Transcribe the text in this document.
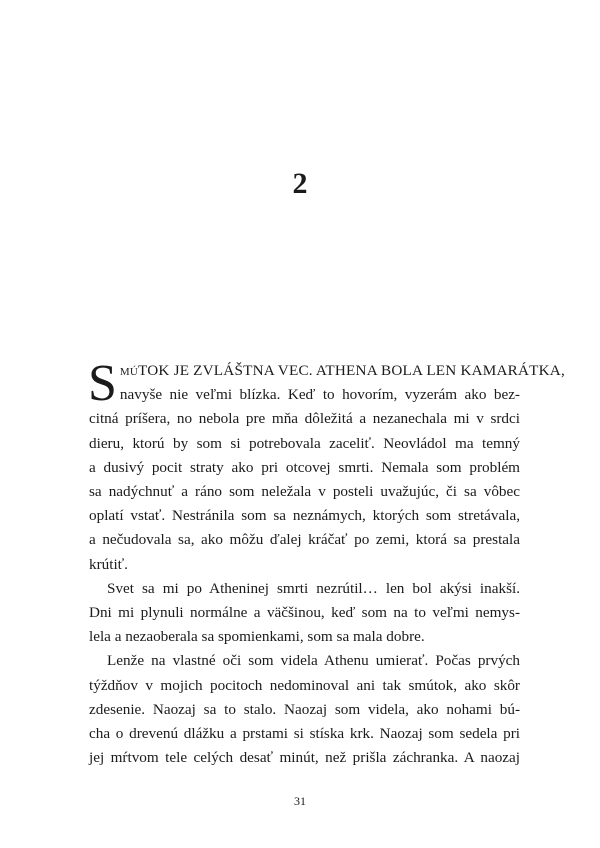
2

S múTOK JE ZVLÁŠTNA VEC. ATHENA BOLA LEN KAMARÁTKA,
navyše nie veľmi blízka. Keď to hovorím, vyzerám ako bez-
citná príšera, no nebola pre mňa dôležitá a nezanechala mi v srdci
dieru, ktorú by som si potrebovala zaceliť. Neovládol ma temný
a dusivý pocit straty ako pri otcovej smrti. Nemala som problém
sa nadýchnuť a ráno som neležala v posteli uvažujúc, či sa vôbec
oplatí vstať. Nestránila som sa neznámych, ktorých som stretávala,
a nečudovala sa, ako môžu ďalej kráčať po zemi, ktorá sa prestala
krútiť.

Svet sa mi po Atheninej smrti nezrútil… len bol akýsi inakší.
Dni mi plynuli normálne a väčšinou, keď som na to veľmi nemys-
lela a nezaoberala sa spomienkami, som sa mala dobre.

Lenže na vlastné oči som videla Athenu umierať. Počas prvých
týždňov v mojich pocitoch nedominoval ani tak smútok, ako skôr
zdesenie. Naozaj sa to stalo. Naozaj som videla, ako nohami bú-
cha o drevenú dlážku a prstami si stíska krk. Naozaj som sedela pri
jej mŕtvom tele celých desať minút, než prišla záchranka. A naozaj

31
